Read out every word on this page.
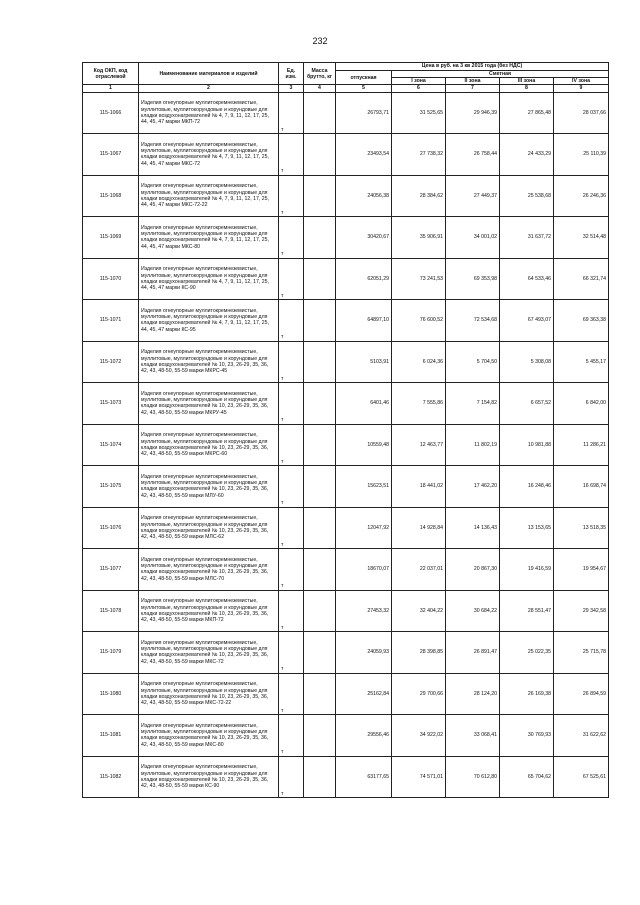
232
Код ОКП, код отраслевой	Наименование материалов и изделий	Ед. изм.	Масса брутто, кг	Цена в руб. на 3 кв 2015 года (без НДС)				
				отпускная	Сметная			
					I зона	II зона	III зона	IV зона
1	2	3	4	5	6	7	8	9
115-1066	Изделия огнеупорные муллитокремнеземистые, муллитовые, муллитокорундовые и корундовые для кладки воздухонагревателей № 4, 7, 9, 11, 12, 17, 25, 44, 45, 47 марки МКП-72	т		26793,71	31 525,65	29 946,39	27 865,48	28 037,66
115-1067	Изделия огнеупорные муллитокремнеземистые, муллитовые, муллитокорундовые и корундовые для кладки воздухонагревателей № 4, 7, 9, 11, 12, 17, 25, 44, 45, 47 марки МКС-72	т		23493,54	27 738,32	26 758,44	24 433,29	25 110,39
115-1068	Изделия огнеупорные муллитокремнеземистые, муллитовые, муллитокорундовые и корундовые для кладки воздухонагревателей № 4, 7, 9, 11, 12, 17, 25, 44, 45, 47 марки МКС-72-22	т		24056,38	28 384,62	27 449,37	25 538,68	26 246,36
115-1069	Изделия огнеупорные муллитокремнеземистые, муллитовые, муллитокорундовые и корундовые для кладки воздухонагревателей № 4, 7, 9, 11, 12, 17, 25, 44, 45, 47 марки МКС-80	т		30420,67	35 906,91	34 001,02	31 637,72	32 514,48
115-1070	Изделия огнеупорные муллитокремнеземистые, муллитовые, муллитокорундовые и корундовые для кладки воздухонагревателей № 4, 7, 9, 11, 12, 17, 25, 44, 45, 47 марки КС-90	т		62051,29	73 241,53	69 353,98	64 533,46	66 321,74
115-1071	Изделия огнеупорные муллитокремнеземистые, муллитовые, муллитокорундовые и корундовые для кладки воздухонагревателей № 4, 7, 9, 11, 12, 17, 25, 44, 45, 47 марки КС-95	т		64897,10	76 600,52	72 534,68	67 493,07	69 363,38
115-1072	Изделия огнеупорные муллитокремнеземистые, муллитовые, муллитокорундовые и корундовые для кладки воздухонагревателей № 10, 23, 26-29, 35, 36, 42, 43, 48-50, 55-59 марки МКРС-45	т		5103,91	6 024,36	5 704,50	5 308,08	5 455,17
115-1073	Изделия огнеупорные муллитокремнеземистые, муллитовые, муллитокорундовые и корундовые для кладки воздухонагревателей № 10, 23, 26-29, 35, 36, 42, 43, 48-50, 55-59 марки МКРУ-45	т		6401,46	7 555,86	7 154,82	6 657,52	6 842,00
115-1074	Изделия огнеупорные муллитокремнеземистые, муллитовые, муллитокорундовые и корундовые для кладки воздухонагревателей № 10, 23, 26-29, 35, 36, 42, 43, 48-50, 55-59 марки МКРС-60	т		10559,48	12 463,77	11 802,19	10 981,88	11 286,21
115-1075	Изделия огнеупорные муллитокремнеземистые, муллитовые, муллитокорундовые и корундовые для кладки воздухонагревателей № 10, 23, 26-29, 35, 36, 42, 43, 48-50, 55-59 марки МЛУ-60	т		15623,51	18 441,02	17 462,20	16 248,46	16 698,74
115-1076	Изделия огнеупорные муллитокремнеземистые, муллитовые, муллитокорундовые и корундовые для кладки воздухонагревателей № 10, 23, 26-29, 35, 36, 42, 43, 48-50, 55-59 марки МЛС-62	т		12047,92	14 928,84	14 136,43	13 153,65	13 518,35
115-1077	Изделия огнеупорные муллитокремнеземистые, муллитовые, муллитокорундовые и корундовые для кладки воздухонагревателей № 10, 23, 26-29, 35, 36, 42, 43, 48-50, 55-59 марки МЛС-70	т		18670,07	22 037,01	20 867,30	19 416,59	19 954,67
115-1078	Изделия огнеупорные муллитокремнеземистые, муллитовые, муллитокорундовые и корундовые для кладки воздухонагревателей № 10, 23, 26-29, 35, 36, 42, 43, 48-50, 55-59 марки МКП-72	т		27453,32	32 404,22	30 684,22	28 551,47	29 342,58
115-1079	Изделия огнеупорные муллитокремнеземистые, муллитовые, муллитокорундовые и корундовые для кладки воздухонагревателей № 10, 23, 26-29, 35, 36, 42, 43, 48-50, 55-59 марки МКС-72	т		24059,93	28 398,85	26 891,47	25 022,35	25 715,78
115-1080	Изделия огнеупорные муллитокремнеземистые, муллитовые, муллитокорундовые и корундовые для кладки воздухонагревателей № 10, 23, 26-29, 35, 36, 42, 43, 48-50, 55-59 марки МКС-72-22	т		25162,84	29 700,66	28 124,20	26 169,38	26 894,59
115-1081	Изделия огнеупорные муллитокремнеземистые, муллитовые, муллитокорундовые и корундовые для кладки воздухонагревателей № 10, 23, 26-29, 35, 36, 42, 43, 48-50, 55-59 марки МКС-80	т		29556,46	34 922,02	33 068,41	30 769,93	31 622,62
115-1082	Изделия огнеупорные муллитокремнеземистые, муллитовые, муллитокорундовые и корундовые для кладки воздухонагревателей № 10, 23, 26-29, 35, 36, 42, 43, 48-50, 55-59 марки КС-90	т		63177,65	74 571,01	70 612,80	65 704,62	67 525,61
